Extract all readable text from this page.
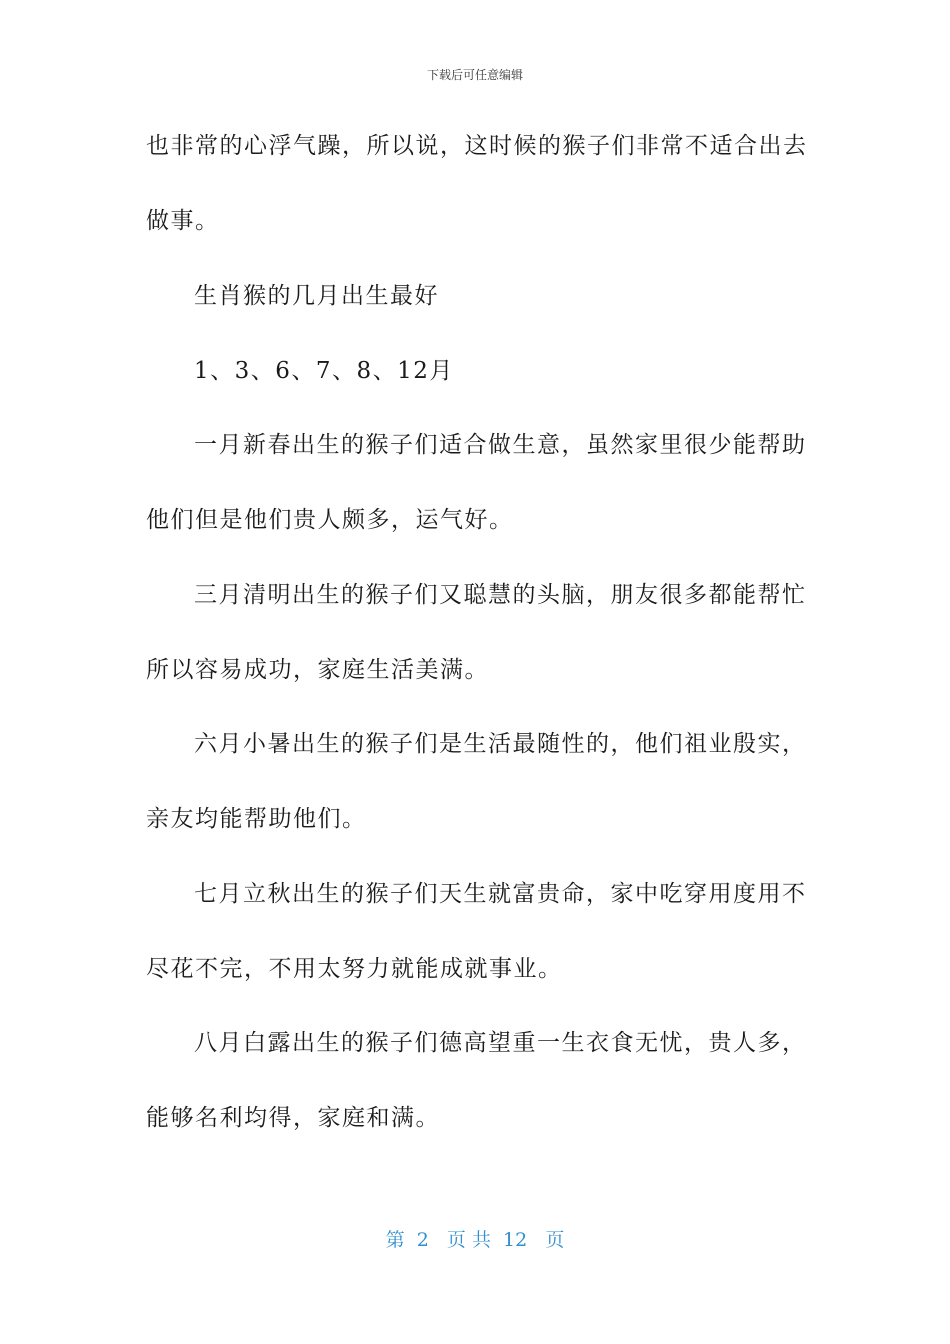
下载后可任意编辑
也非常的心浮气躁，所以说，这时候的猴子们非常不适合出去
做事。
生肖猴的几月出生最好
1、3、6、7、8、12月
一月新春出生的猴子们适合做生意，虽然家里很少能帮助
他们但是他们贵人颇多，运气好。
三月清明出生的猴子们又聪慧的头脑，朋友很多都能帮忙
所以容易成功，家庭生活美满。
六月小暑出生的猴子们是生活最随性的，他们祖业殷实，
亲友均能帮助他们。
七月立秋出生的猴子们天生就富贵命，家中吃穿用度用不
尽花不完，不用太努力就能成就事业。
八月白露出生的猴子们德高望重一生衣食无忧，贵人多，
能够名利均得，家庭和满。
第  2   页 共  12   页
